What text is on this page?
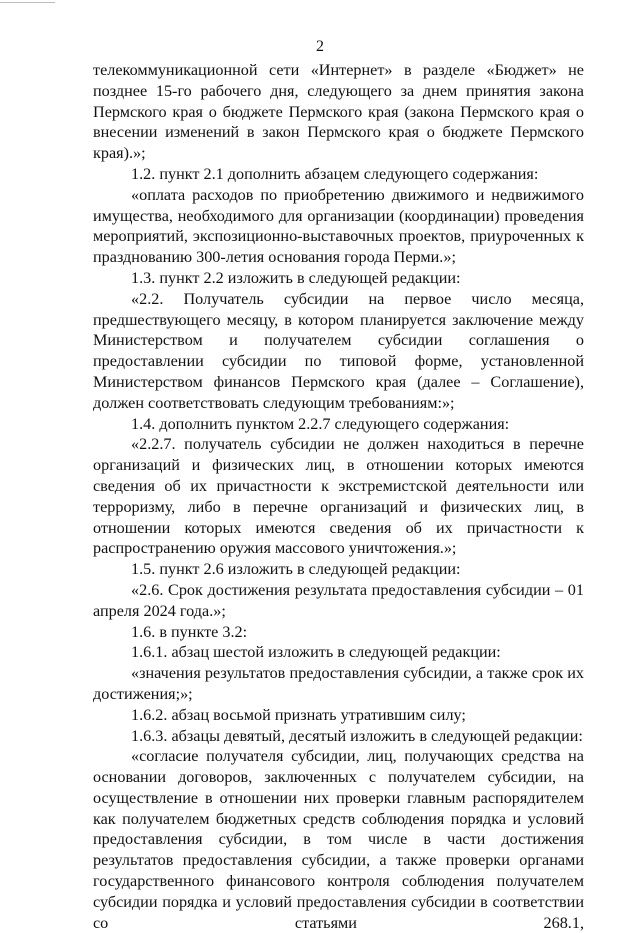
2

телекоммуникационной сети «Интернет» в разделе «Бюджет» не позднее 15-го рабочего дня, следующего за днем принятия закона Пермского края о бюджете Пермского края (закона Пермского края о внесении изменений в закон Пермского края о бюджете Пермского края).»;

1.2. пункт 2.1 дополнить абзацем следующего содержания:

«оплата расходов по приобретению движимого и недвижимого имущества, необходимого для организации (координации) проведения мероприятий, экспозиционно-выставочных проектов, приуроченных к празднованию 300-летия основания города Перми.»;

1.3. пункт 2.2 изложить в следующей редакции:

«2.2. Получатель субсидии на первое число месяца, предшествующего месяцу, в котором планируется заключение между Министерством и получателем субсидии соглашения о предоставлении субсидии по типовой форме, установленной Министерством финансов Пермского края (далее – Соглашение), должен соответствовать следующим требованиям:»;

1.4. дополнить пунктом 2.2.7 следующего содержания:

«2.2.7. получатель субсидии не должен находиться в перечне организаций и физических лиц, в отношении которых имеются сведения об их причастности к экстремистской деятельности или терроризму, либо в перечне организаций и физических лиц, в отношении которых имеются сведения об их причастности к распространению оружия массового уничтожения.»;

1.5. пункт 2.6 изложить в следующей редакции:

«2.6. Срок достижения результата предоставления субсидии – 01 апреля 2024 года.»;

1.6. в пункте 3.2:

1.6.1. абзац шестой изложить в следующей редакции:

«значения результатов предоставления субсидии, а также срок их достижения;»;

1.6.2. абзац восьмой признать утратившим силу;

1.6.3. абзацы девятый, десятый изложить в следующей редакции:

«согласие получателя субсидии, лиц, получающих средства на основании договоров, заключенных с получателем субсидии, на осуществление в отношении них проверки главным распорядителем как получателем бюджетных средств соблюдения порядка и условий предоставления субсидии, в том числе в части достижения результатов предоставления субсидии, а также проверки органами государственного финансового контроля соблюдения получателем субсидии порядка и условий предоставления субсидии в соответствии со статьями 268.1,
